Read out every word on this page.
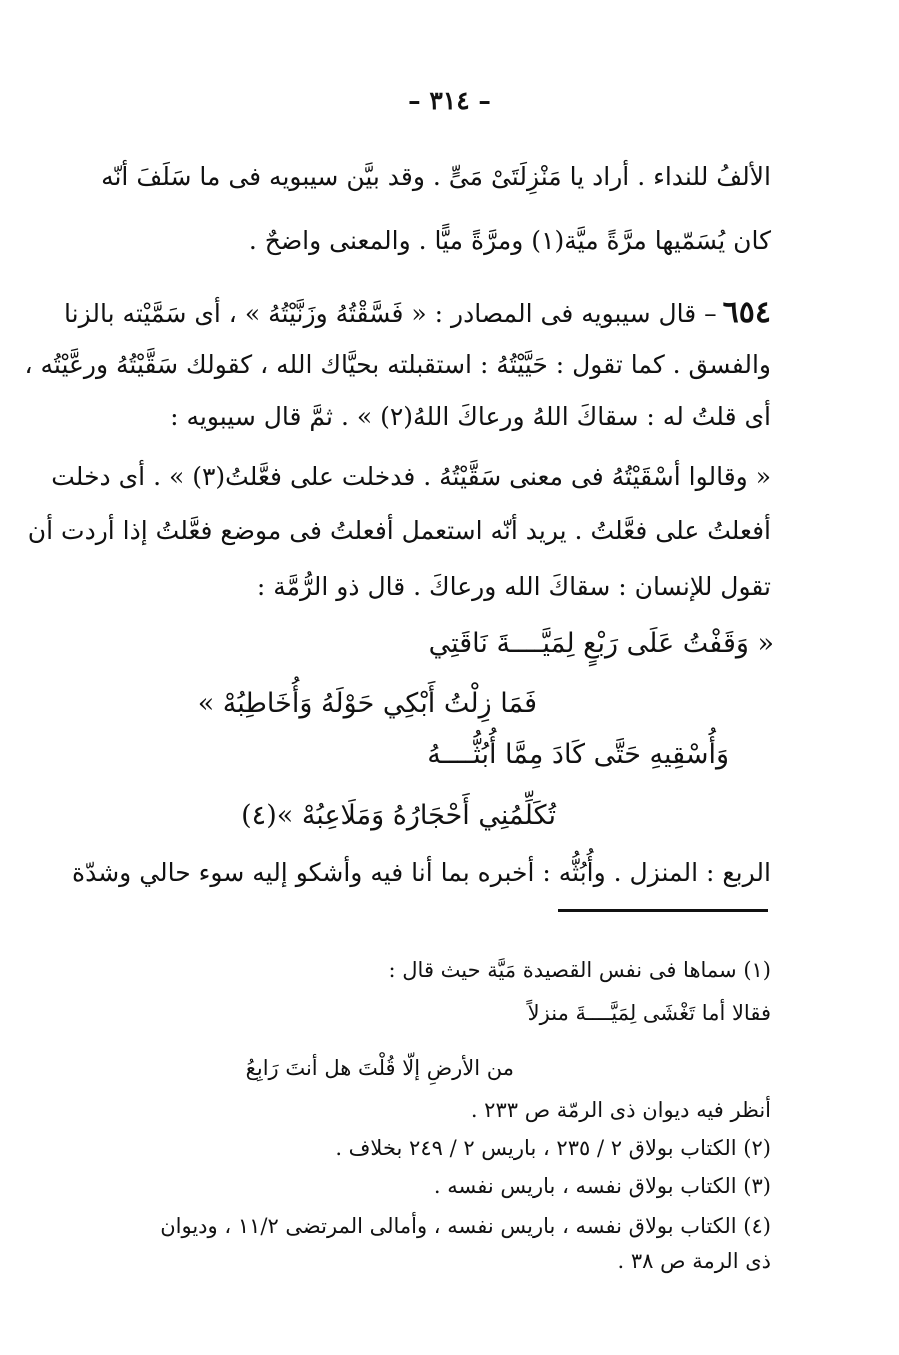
– ٣١٤ –
الألفُ للنداء . أراد يا مَنْزِلَتَىْ مَىٍّ . وقد بيَّن سيبويه فى ما سَلَفَ أنّه
كان يُسَمّيها مرَّةً ميَّة(١) ومرَّةً ميًّا . والمعنى واضحٌ .
٦٥٤– قال سيبويه فى المصادر : « فَسَّقْتُهُ وزَنَّيْتُهُ » ، أى سَمَّيْته بالزنا
والفسق . كما تقول : حَيَّيْتُهُ : استقبلته بحيَّاك الله ، كقولك سَقَّيْتُهُ ورعَّيْتُه ،
أى قلتُ له : سقاكَ اللهُ ورعاكَ اللهُ(٢) » . ثمَّ قال سيبويه :
« وقالوا أسْقَيْتُهُ فى معنى سَقَّيْتُهُ . فدخلت على فعَّلتُ(٣) » . أى دخلت
أفعلتُ على فعَّلتُ . يريد أنّه استعمل أفعلتُ فى موضع فعَّلتُ إذا أردت أن
تقول للإنسان : سقاكَ الله ورعاكَ . قال ذو الرُّمَّة :
« وَقَفْتُ عَلَى رَبْعٍ لِمَيَّــــةَ نَاقَتِي
فَمَا زِلْتُ أَبْكِي حَوْلَهُ وَأُخَاطِبُهْ »
وَأُسْقِيهِ حَتَّى كَادَ مِمَّا أُبُثُّــــهُ
تُكَلِّمُنِي أَحْجَارُهُ وَمَلَاعِبُهْ »(٤)
الربع : المنزل . وأُبُثُّه : أخبره بما أنا فيه وأشكو إليه سوء حالي وشدّة
(١) سماها فى نفس القصيدة مَيَّة حيث قال :
فقالا أما تَغْشَى لِمَيَّــــةَ منزلاً
من الأرضِ إلّا قُلْتَ هل أنتَ رَابِعُ
أنظر فيه ديوان ذى الرمّة ص ٢٣٣ .
(٢) الكتاب بولاق ٢ / ٢٣٥ ، باريس ٢ / ٢٤٩ بخلاف .
(٣) الكتاب بولاق نفسه ، باريس نفسه .
(٤) الكتاب بولاق نفسه ، باريس نفسه ، وأمالى المرتضى ١١/٢ ، وديوان
ذى الرمة ص ٣٨ .
